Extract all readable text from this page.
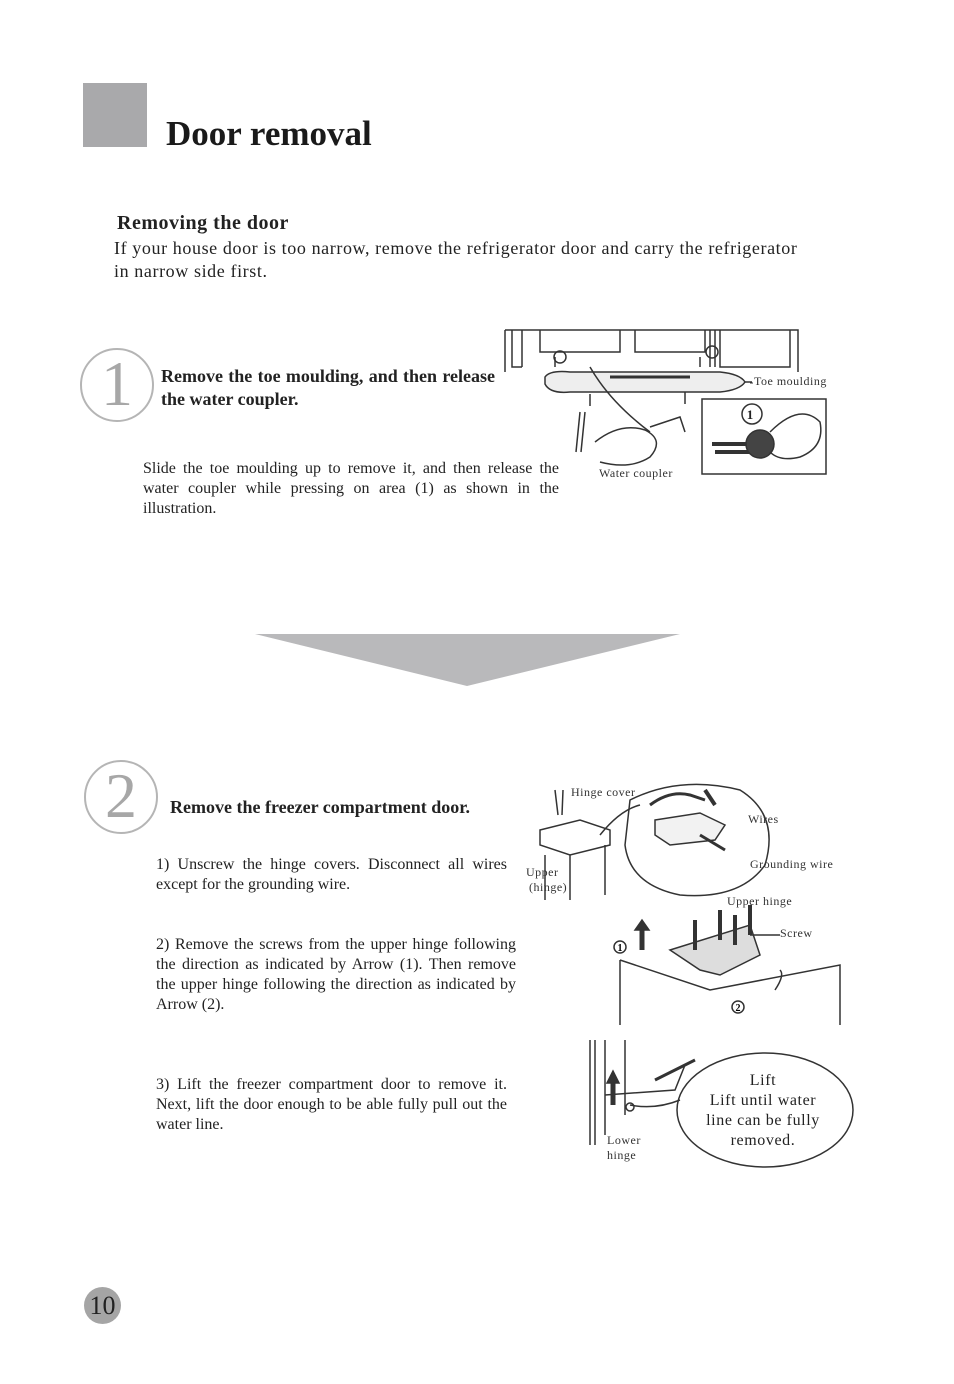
Door removal
Removing the door
If your house door is too narrow, remove the refrigerator door and carry the refrigerator in narrow side first.
1	Remove the toe moulding, and then release the water coupler.
Slide the toe moulding up to remove it, and then release the water coupler while pressing on area (1) as shown in the illustration.
1
Toe moulding
Water coupler
2	Remove the freezer compartment door.
1) Unscrew the hinge covers. Disconnect all wires except for the grounding wire.
2) Remove the screws from the upper hinge following the direction as indicated by Arrow (1). Then remove the upper hinge following the direction as indicated by Arrow (2).
3) Lift the freezer compartment door to remove it. Next, lift the door enough to be able fully pull out the water line.
Hinge cover
Wires
Grounding wire
Upper
(hinge)
1
2
Upper hinge
Screw
Lift
Lift until water line can be fully removed.
Lower
hinge
10
